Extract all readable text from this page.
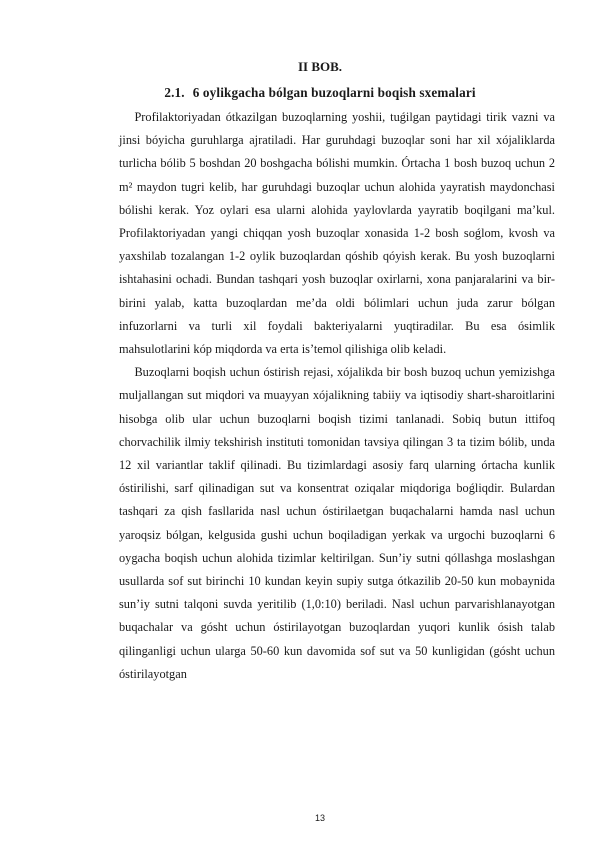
II BOB.
2.1. 6 oylikgacha bólgan buzoqlarni boqish sxemalari

Profilaktoriyadan ótkazilgan buzoqlarning yoshii, tuǵilgan paytidagi tirik vazni va jinsi bóyicha guruhlarga ajratiladi. Har guruhdagi buzoqlar soni har xil xójaliklarda turlicha bólib 5 boshdan 20 boshgacha bólishi mumkin. Órtacha 1 bosh buzoq uchun 2 m² maydon tugri kelib, har guruhdagi buzoqlar uchun alohida yayratish maydonchasi bólishi kerak. Yoz oylari esa ularni alohida yaylovlarda yayratib boqilgani ma’kul. Profilaktoriyadan yangi chiqqan yosh buzoqlar xonasida 1-2 bosh soǵlom, kvosh va yaxshilab tozalangan 1-2 oylik buzoqlardan qóshib qóyish kerak. Bu yosh buzoqlarni ishtahasini ochadi. Bundan tashqari yosh buzoqlar oxirlarni, xona panjaralarini va bir-birini yalab, katta buzoqlardan me’da oldi bólimlari uchun juda zarur bólgan infuzorlarni va turli xil foydali bakteriyalarni yuqtiradilar. Bu esa ósimlik mahsulotlarini kóp miqdorda va erta is’temol qilishiga olib keladi.

Buzoqlarni boqish uchun óstirish rejasi, xójalikda bir bosh buzoq uchun yemizishga muljallangan sut miqdori va muayyan xójalikning tabiiy va iqtisodiy shart-sharoitlarini hisobga olib ular uchun buzoqlarni boqish tizimi tanlanadi. Sobiq butun ittifoq chorvachilik ilmiy tekshirish instituti tomonidan tavsiya qilingan 3 ta tizim bólib, unda 12 xil variantlar taklif qilinadi. Bu tizimlardagi asosiy farq ularning órtacha kunlik óstirilishi, sarf qilinadigan sut va konsentrat oziqalar miqdoriga boǵliqdir. Bulardan tashqari za qish fasllarida nasl uchun óstirilaetgan buqachalarni hamda nasl uchun yaroqsiz bólgan, kelgusida gushi uchun boqiladigan yerkak va urgochi buzoqlarni 6 oygacha boqish uchun alohida tizimlar keltirilgan. Sun’iy sutni qóllashga moslashgan usullarda sof sut birinchi 10 kundan keyin supiy sutga ótkazilib 20-50 kun mobaynida sun’iy sutni talqoni suvda yeritilib (1,0:10) beriladi. Nasl uchun parvarishlanayotgan buqachalar va gósht uchun óstirilayotgan buzoqlardan yuqori kunlik ósish talab qilinganligi uchun ularga 50-60 kun davomida sof sut va 50 kunligidan (gósht uchun óstirilayotgan

13
